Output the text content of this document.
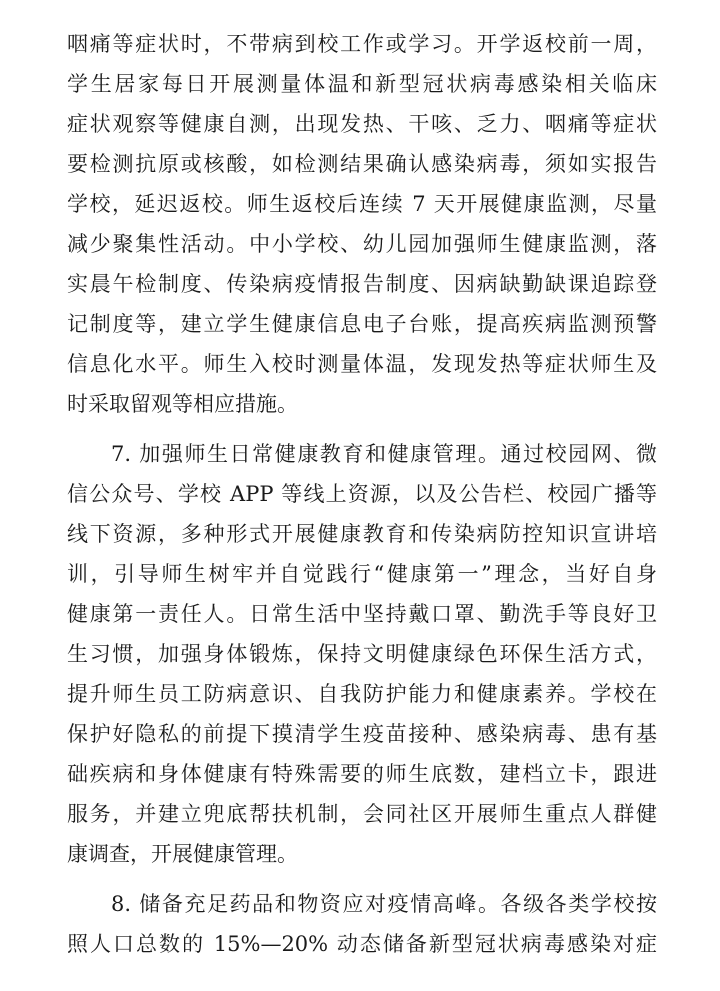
咽痛等症状时，不带病到校工作或学习。开学返校前一周，
学生居家每日开展测量体温和新型冠状病毒感染相关临床
症状观察等健康自测，出现发热、干咳、乏力、咽痛等症状
要检测抗原或核酸，如检测结果确认感染病毒，须如实报告
学校，延迟返校。师生返校后连续 7 天开展健康监测，尽量
减少聚集性活动。中小学校、幼儿园加强师生健康监测，落
实晨午检制度、传染病疫情报告制度、因病缺勤缺课追踪登
记制度等，建立学生健康信息电子台账，提高疾病监测预警
信息化水平。师生入校时测量体温，发现发热等症状师生及
时采取留观等相应措施。
7. 加强师生日常健康教育和健康管理。通过校园网、微
信公众号、学校 APP 等线上资源，以及公告栏、校园广播等
线下资源，多种形式开展健康教育和传染病防控知识宣讲培
训，引导师生树牢并自觉践行“健康第一”理念，当好自身
健康第一责任人。日常生活中坚持戴口罩、勤洗手等良好卫
生习惯，加强身体锻炼，保持文明健康绿色环保生活方式，
提升师生员工防病意识、自我防护能力和健康素养。学校在
保护好隐私的前提下摸清学生疫苗接种、感染病毒、患有基
础疾病和身体健康有特殊需要的师生底数，建档立卡，跟进
服务，并建立兜底帮扶机制，会同社区开展师生重点人群健
康调查，开展健康管理。
8. 储备充足药品和物资应对疫情高峰。各级各类学校按
照人口总数的 15%—20% 动态储备新型冠状病毒感染对症
